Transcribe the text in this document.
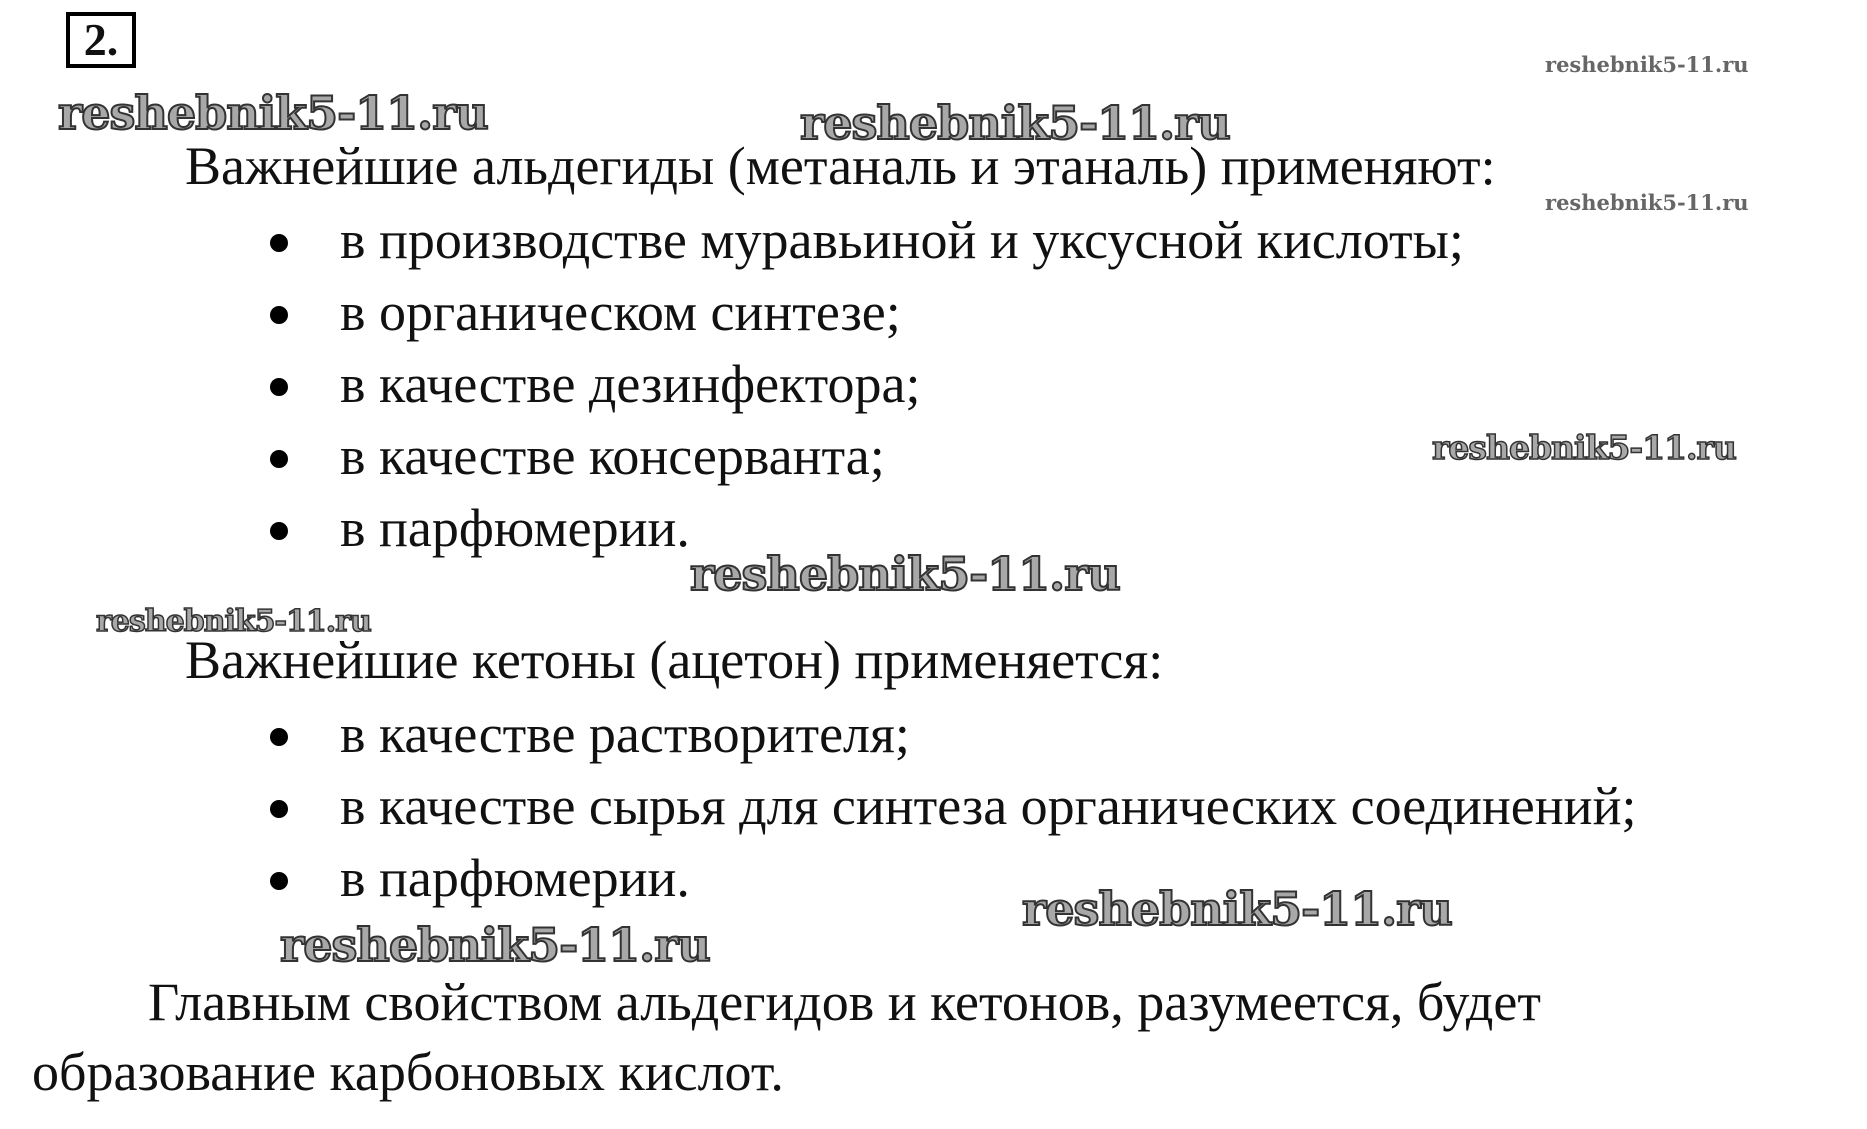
2.
reshebnik5-11.ru	reshebnik5-11.ru
reshebnik5-11.ru
reshebnik5-11.ru
reshebnik5-11.ru
reshebnik5-11.ru
reshebnik5-11.ru
reshebnik5-11.ru
reshebnik5-11.ru
Важнейшие альдегиды (метаналь и этаналь) применяют:
в производстве муравьиной и уксусной кислоты;
в органическом синтезе;
в качестве дезинфектора;
в качестве консерванта;
в парфюмерии.
Важнейшие кетоны (ацетон) применяется:
в качестве растворителя;
в качестве сырья для синтеза органических соединений;
в парфюмерии.
Главным свойством альдегидов и кетонов, разумеется, будет
образование карбоновых кислот.
